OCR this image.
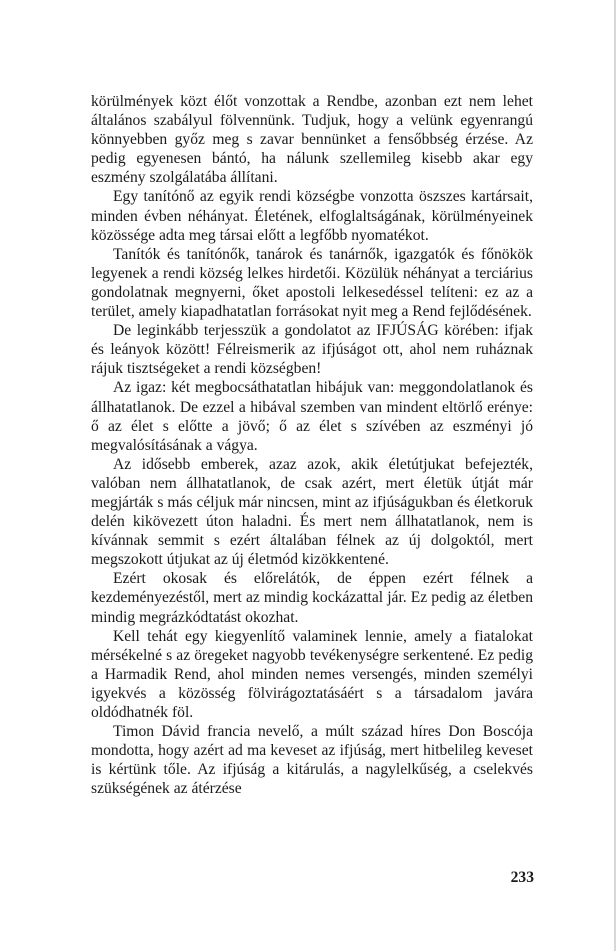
körülmények közt élőt vonzottak a Rendbe, azonban ezt nem lehet általános szabályul fölvennünk. Tudjuk, hogy a velünk egyenrangú könnyebben győz meg s zavar bennünket a fensőbbség érzése. Az pedig egyenesen bántó, ha nálunk szellemileg kisebb akar egy eszmény szolgálatába állítani.

Egy tanítónő az egyik rendi községbe vonzotta öszszes kartársait, minden évben néhányat. Életének, elfoglaltságának, körülményeinek közössége adta meg társai előtt a legfőbb nyomatékot.

Tanítók és tanítónők, tanárok és tanárnők, igazgatók és főnökök legyenek a rendi község lelkes hirdetői. Közülük néhányat a terciárius gondolatnak megnyerni, őket apostoli lelkesedéssel telíteni: ez az a terület, amely kiapadhatatlan forrásokat nyit meg a Rend fejlődésének.

De leginkább terjesszük a gondolatot az IFJÚSÁG körében: ifjak és leányok között! Félreismerik az ifjúságot ott, ahol nem ruháznak rájuk tisztségeket a rendi községben!

Az igaz: két megbocsáthatatlan hibájuk van: meggondolatlanok és állhatatlanok. De ezzel a hibával szemben van mindent eltörlő erénye: ő az élet s előtte a jövő; ő az élet s szívében az eszményi jó megvalósításának a vágya.

Az idősebb emberek, azaz azok, akik életútjukat befejezték, valóban nem állhatatlanok, de csak azért, mert életük útját már megjárták s más céljuk már nincsen, mint az ifjúságukban és életkoruk delén kikövezett úton haladni. És mert nem állhatatlanok, nem is kívánnak semmit s ezért általában félnek az új dolgoktól, mert megszokott útjukat az új életmód kizökkentené.

Ezért okosak és előrelátók, de éppen ezért félnek a kezdeményezéstől, mert az mindig kockázattal jár. Ez pedig az életben mindig megrázkódtatást okozhat.

Kell tehát egy kiegyenlítő valaminek lennie, amely a fiatalokat mérsékelné s az öregeket nagyobb tevékenységre serkentené. Ez pedig a Harmadik Rend, ahol minden nemes versengés, minden személyi igyekvés a közösség fölvirágoztatásáért s a társadalom javára oldódhatnék föl.

Timon Dávid francia nevelő, a múlt század híres Don Boscója mondotta, hogy azért ad ma keveset az ifjúság, mert hitbelileg keveset is kértünk tőle. Az ifjúság a kitárulás, a nagylelkűség, a cselekvés szükségének az átérzése

233
